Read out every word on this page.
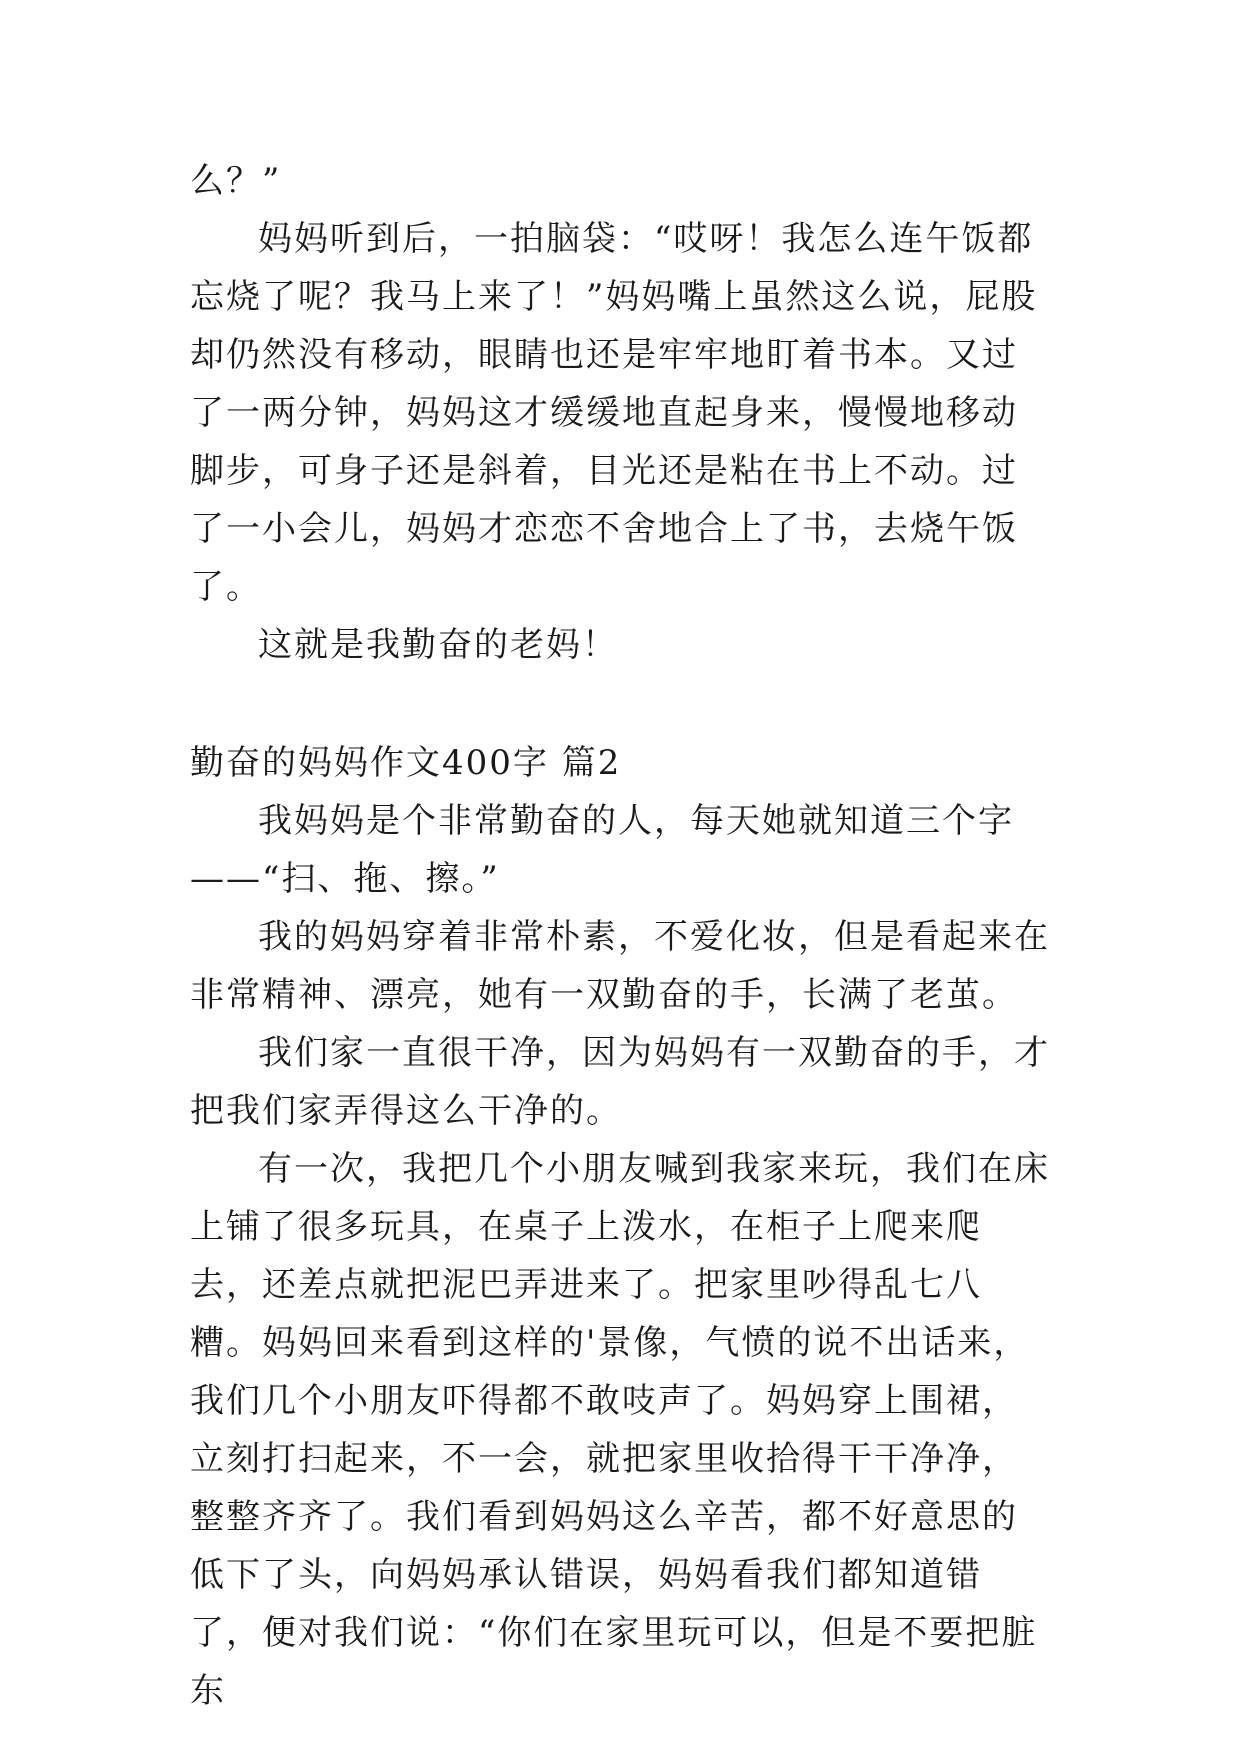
么？”

妈妈听到后，一拍脑袋：“哎呀！我怎么连午饭都忘烧了呢？我马上来了！”妈妈嘴上虽然这么说，屁股却仍然没有移动，眼睛也还是牢牢地盯着书本。又过了一两分钟，妈妈这才缓缓地直起身来，慢慢地移动脚步，可身子还是斜着，目光还是粘在书上不动。过了一小会儿，妈妈才恋恋不舍地合上了书，去烧午饭了。

这就是我勤奋的老妈！

勤奋的妈妈作文400字 篇2

我妈妈是个非常勤奋的人，每天她就知道三个字——“扫、拖、擦。”

我的妈妈穿着非常朴素，不爱化妆，但是看起来在非常精神、漂亮，她有一双勤奋的手，长满了老茧。

我们家一直很干净，因为妈妈有一双勤奋的手，才把我们家弄得这么干净的。

有一次，我把几个小朋友喊到我家来玩，我们在床上铺了很多玩具，在桌子上泼水，在柜子上爬来爬去，还差点就把泥巴弄进来了。把家里吵得乱七八糟。妈妈回来看到这样的'景像，气愤的说不出话来，我们几个小朋友吓得都不敢吱声了。妈妈穿上围裙，立刻打扫起来，不一会，就把家里收拾得干干净净，整整齐齐了。我们看到妈妈这么辛苦，都不好意思的低下了头，向妈妈承认错误，妈妈看我们都知道错了，便对我们说：“你们在家里玩可以，但是不要把脏东
